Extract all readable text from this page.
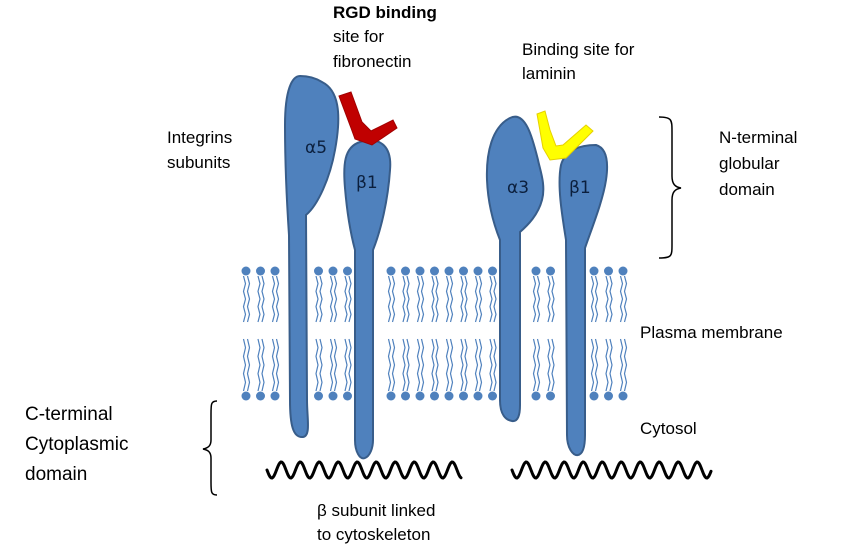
α5
β1	α3 β1
RGD binding
site for
fibronectin
Binding site for
laminin
Integrins
subunits
N-terminal
globular
domain
Plasma membrane
Cytosol
C-terminal
Cytoplasmic
domain
β subunit linked
to cytoskeleton
